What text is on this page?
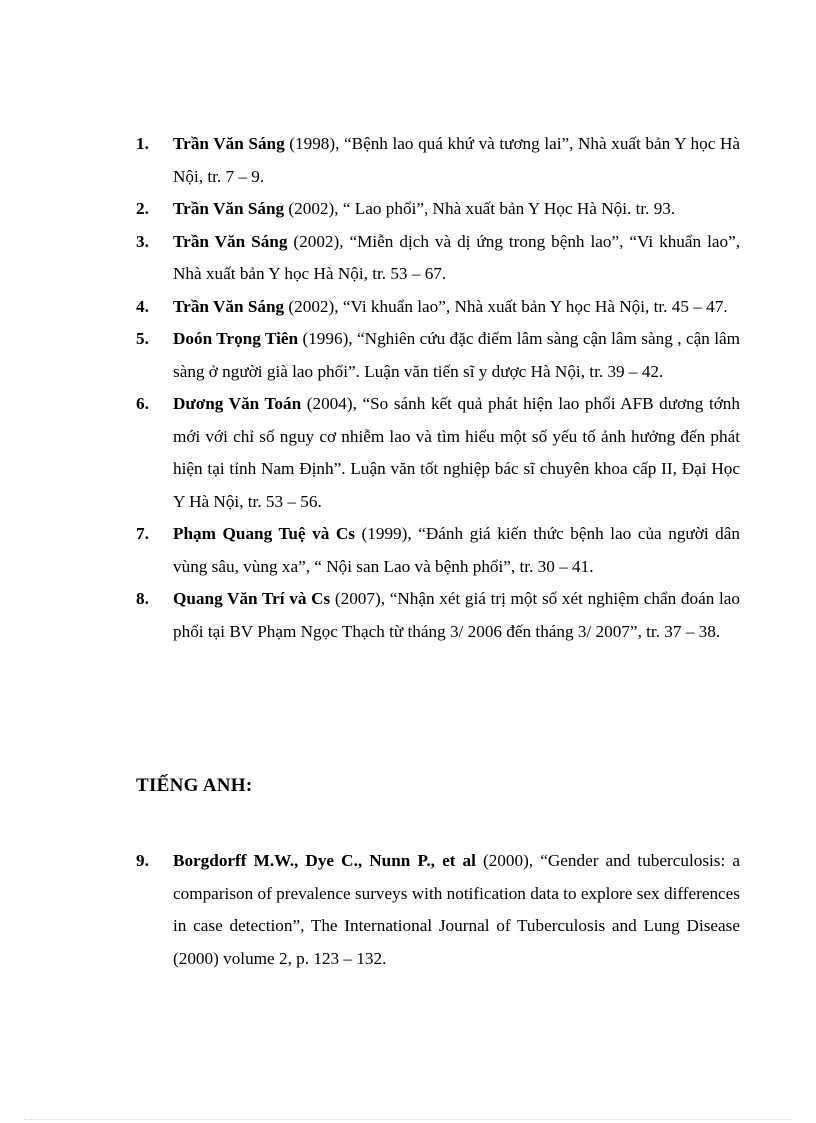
1. Trần Văn Sáng (1998), “Bệnh lao quá khứ và tương lai”, Nhà xuất bản Y học Hà Nội, tr. 7 – 9.
2. Trần Văn Sáng (2002), “ Lao phổi”, Nhà xuất bản Y Học Hà Nội. tr. 93.
3. Trần Văn Sáng (2002), “Miễn dịch và dị ứng trong bệnh lao”, “Vi khuẩn lao”, Nhà xuất bản Y học Hà Nội, tr. 53 – 67.
4. Trần Văn Sáng (2002), “Vi khuẩn lao”, Nhà xuất bản Y học Hà Nội, tr. 45 – 47.
5. Doón Trọng Tiên (1996), “Nghiên cứu đặc điểm lâm sàng cận lâm sàng , cận lâm sàng ở người già lao phổi”. Luận văn tiến sĩ y dược Hà Nội, tr. 39 – 42.
6. Dương Văn Toán (2004), “So sánh kết quả phát hiện lao phổi AFB dương tớnh mới với chỉ số nguy cơ nhiễm lao và tìm hiểu một số yếu tố ảnh hưởng đến phát hiện tại tỉnh Nam Định”. Luận văn tốt nghiệp bác sĩ chuyên khoa cấp II, Đại Học Y Hà Nội, tr. 53 – 56.
7. Phạm Quang Tuệ và Cs (1999), “Đánh giá kiến thức bệnh lao của người dân vùng sâu, vùng xa”, “ Nội san Lao và bệnh phổi”, tr. 30 – 41.
8. Quang Văn Trí và Cs (2007), “Nhận xét giá trị một số xét nghiệm chẩn đoán lao phổi tại BV Phạm Ngọc Thạch từ tháng 3/ 2006 đến tháng 3/ 2007”, tr. 37 – 38.
TIẾNG ANH:
9. Borgdorff M.W., Dye C., Nunn P., et al (2000), “Gender and tuberculosis: a comparison of prevalence surveys with notification data to explore sex differences in case detection”, The International Journal of Tuberculosis and Lung Disease (2000) volume 2, p. 123 – 132.
